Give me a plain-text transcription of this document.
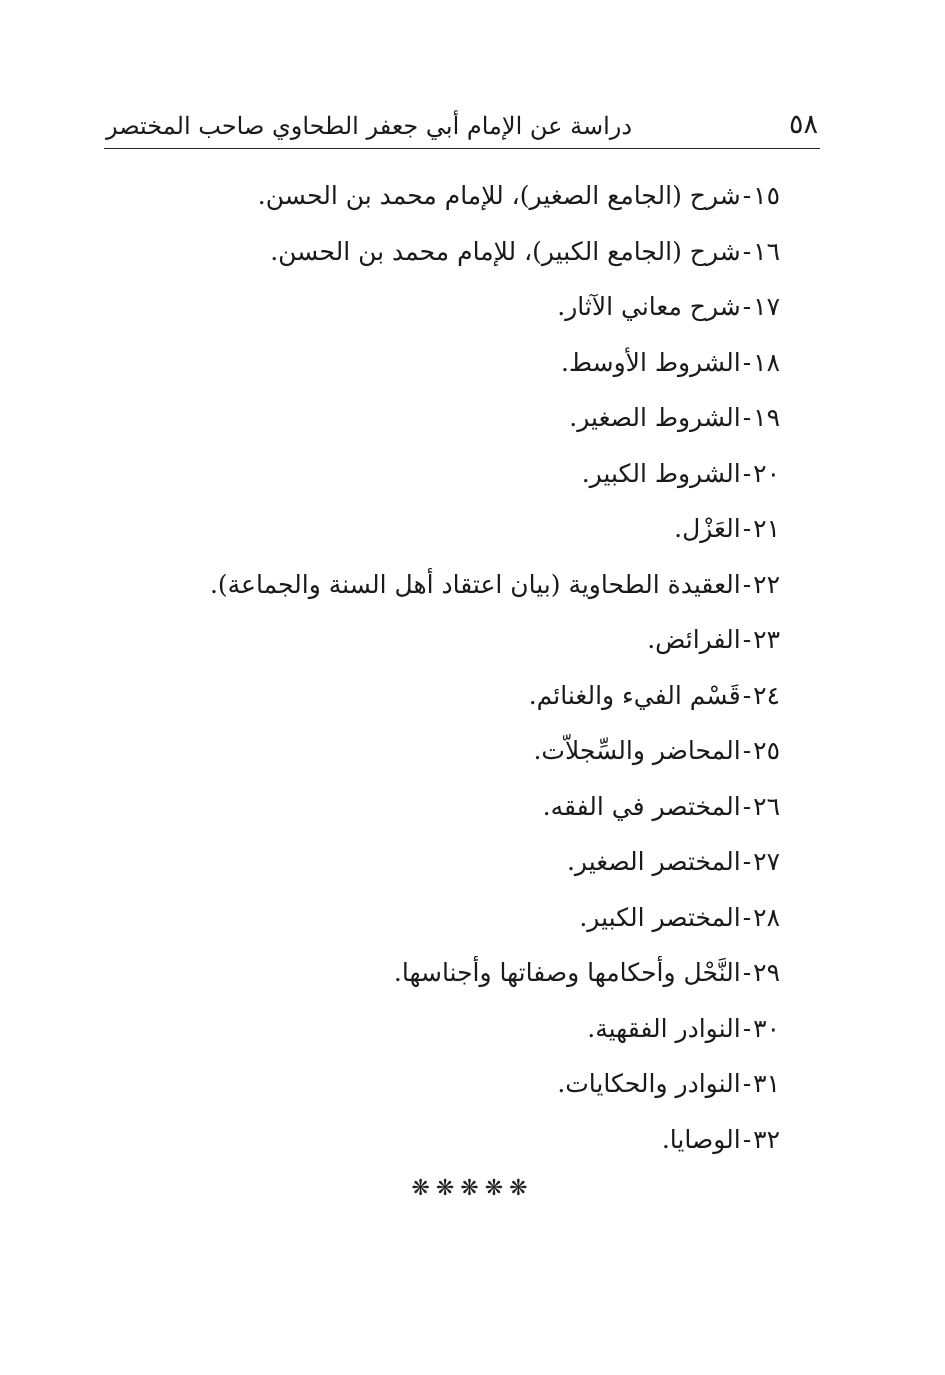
٥٨
دراسة عن الإمام أبي جعفر الطحاوي صاحب المختصر
١٥-شرح (الجامع الصغير)، للإمام محمد بن الحسن.
١٦-شرح (الجامع الكبير)، للإمام محمد بن الحسن.
١٧-شرح معاني الآثار.
١٨-الشروط الأوسط.
١٩-الشروط الصغير.
٢٠-الشروط الكبير.
٢١-العَزْل.
٢٢-العقيدة الطحاوية (بيان اعتقاد أهل السنة والجماعة).
٢٣-الفرائض.
٢٤-قَسْم الفيء والغنائم.
٢٥-المحاضر والسِّجلاّت.
٢٦-المختصر في الفقه.
٢٧-المختصر الصغير.
٢٨-المختصر الكبير.
٢٩-النَّحْل وأحكامها وصفاتها وأجناسها.
٣٠-النوادر الفقهية.
٣١-النوادر والحكايات.
٣٢-الوصايا.
❋❋❋❋❋
